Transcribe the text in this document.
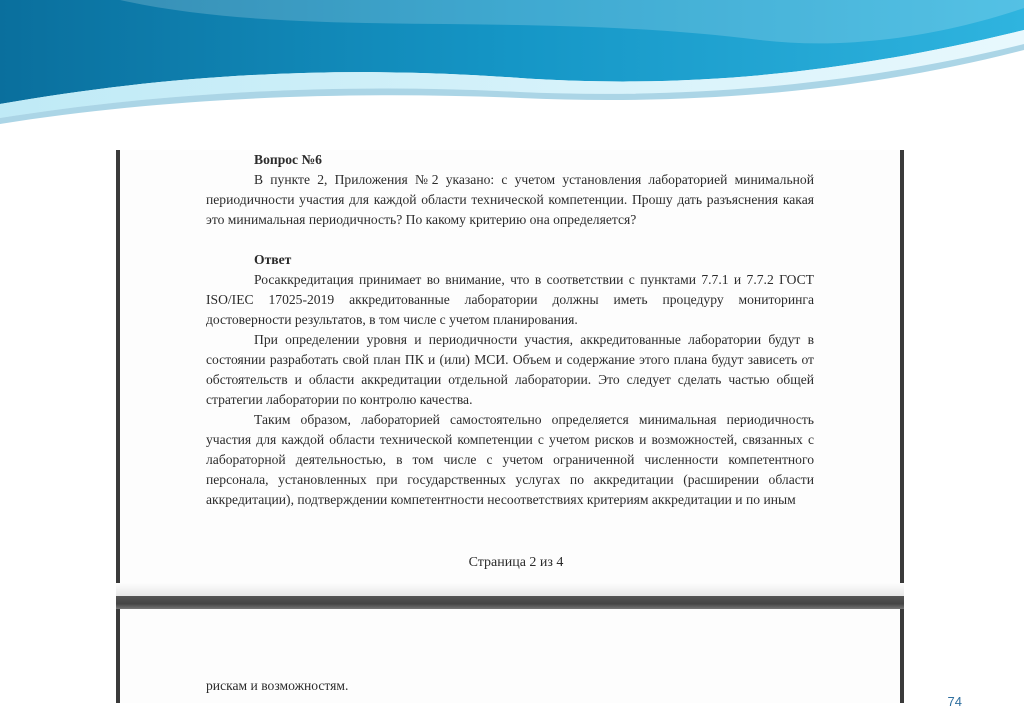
Вопрос №6

В пункте 2, Приложения №2 указано: с учетом установления лабораторией минимальной периодичности участия для каждой области технической компетенции. Прошу дать разъяснения какая это минимальная периодичность? По какому критерию она определяется?

Ответ

Росаккредитация принимает во внимание, что в соответствии с пунктами 7.7.1 и 7.7.2 ГОСТ ISO/IEC 17025-2019 аккредитованные лаборатории должны иметь процедуру мониторинга достоверности результатов, в том числе с учетом планирования.

При определении уровня и периодичности участия, аккредитованные лаборатории будут в состоянии разработать свой план ПК и (или) МСИ. Объем и содержание этого плана будут зависеть от обстоятельств и области аккредитации отдельной лаборатории. Это следует сделать частью общей стратегии лаборатории по контролю качества.

Таким образом, лабораторией самостоятельно определяется минимальная периодичность участия для каждой области технической компетенции с учетом рисков и возможностей, связанных с лабораторной деятельностью, в том числе с учетом ограниченной численности компетентного персонала, установленных при государственных услугах по аккредитации (расширении области аккредитации), подтверждении компетентности несоответствиях критериям аккредитации и по иным

Страница 2 из 4
рискам и возможностям.
74
